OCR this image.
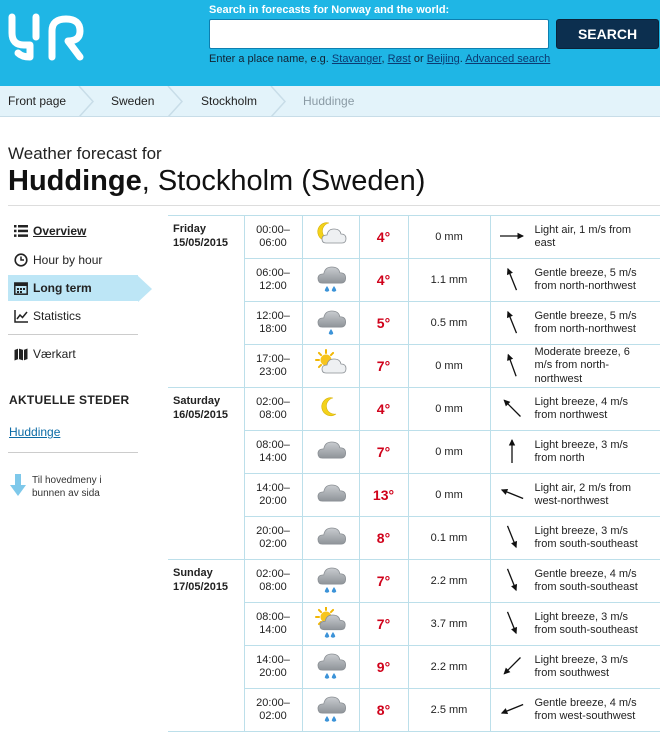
Search in forecasts for Norway and the world:
SEARCH
Enter a place name, e.g. Stavanger, Røst or Beijing. Advanced search
Front page	Sweden	Stockholm	Huddinge
Weather forecast for
Huddinge, Stockholm (Sweden)
Overview
Hour by hour
Long term
Statistics
Værkart
AKTUELLE STEDER
Huddinge
Til hovedmeny i
bunnen av sida
Friday
15/05/2015	00:00–
06:00		4°	0 mm	Light air, 1 m/s from east

	06:00–
12:00		4°	1.1 mm	Gentle breeze, 5 m/s from north-northwest

	12:00–
18:00		5°	0.5 mm	Gentle breeze, 5 m/s from north-northwest

	17:00–
23:00		7°	0 mm	Moderate breeze, 6 m/s from north-northwest

Saturday
16/05/2015	02:00–
08:00		4°	0 mm	Light breeze, 4 m/s from northwest

	08:00–
14:00		7°	0 mm	Light breeze, 3 m/s from north

	14:00–
20:00		13°	0 mm	Light air, 2 m/s from west-northwest

	20:00–
02:00		8°	0.1 mm	Light breeze, 3 m/s from south-southeast

Sunday
17/05/2015	02:00–
08:00		7°	2.2 mm	Gentle breeze, 4 m/s from south-southeast

	08:00–
14:00		7°	3.7 mm	Light breeze, 3 m/s from south-southeast

	14:00–
20:00		9°	2.2 mm	Light breeze, 3 m/s from southwest

	20:00–
02:00		8°	2.5 mm	Gentle breeze, 4 m/s from west-southwest
